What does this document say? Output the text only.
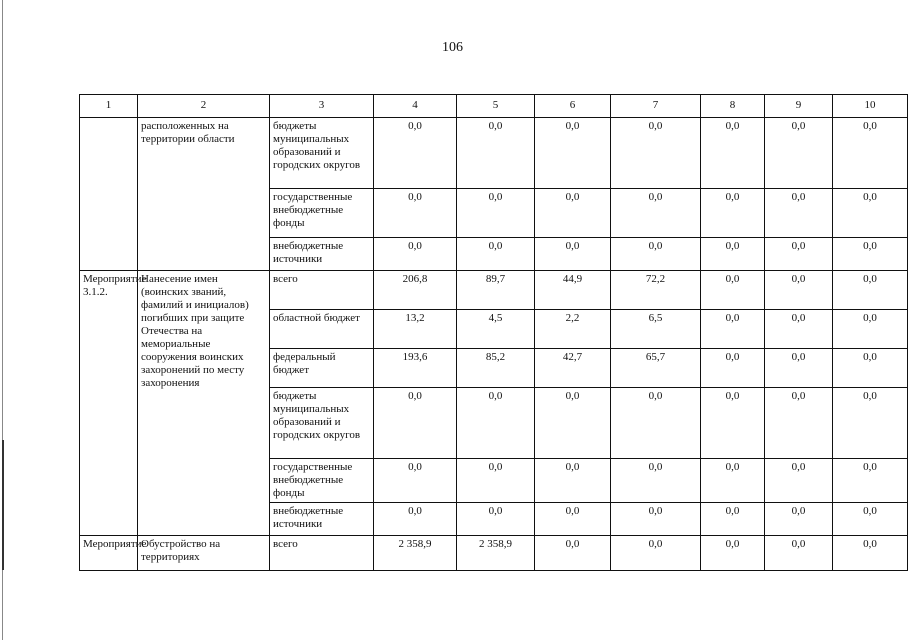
106
1	2	3	4	5	6	7	8	9	10
	расположенных на территории области	бюджеты муниципальных образований и городских округов	0,0	0,0	0,0	0,0	0,0	0,0	0,0
		государственные внебюджетные фонды	0,0	0,0	0,0	0,0	0,0	0,0	0,0
		внебюджетные источники	0,0	0,0	0,0	0,0	0,0	0,0	0,0
Мероприятие 3.1.2.	Нанесение имен (воинских званий, фамилий и инициалов) погибших при защите Отечества на мемориальные сооружения воинских захоронений по месту захоронения	всего	206,8	89,7	44,9	72,2	0,0	0,0	0,0
		областной бюджет	13,2	4,5	2,2	6,5	0,0	0,0	0,0
		федеральный бюджет	193,6	85,2	42,7	65,7	0,0	0,0	0,0
		бюджеты муниципальных образований и городских округов	0,0	0,0	0,0	0,0	0,0	0,0	0,0
		государственные внебюджетные фонды	0,0	0,0	0,0	0,0	0,0	0,0	0,0
		внебюджетные источники	0,0	0,0	0,0	0,0	0,0	0,0	0,0
Мероприятие	Обустройство на территориях	всего	2 358,9	2 358,9	0,0	0,0	0,0	0,0	0,0
